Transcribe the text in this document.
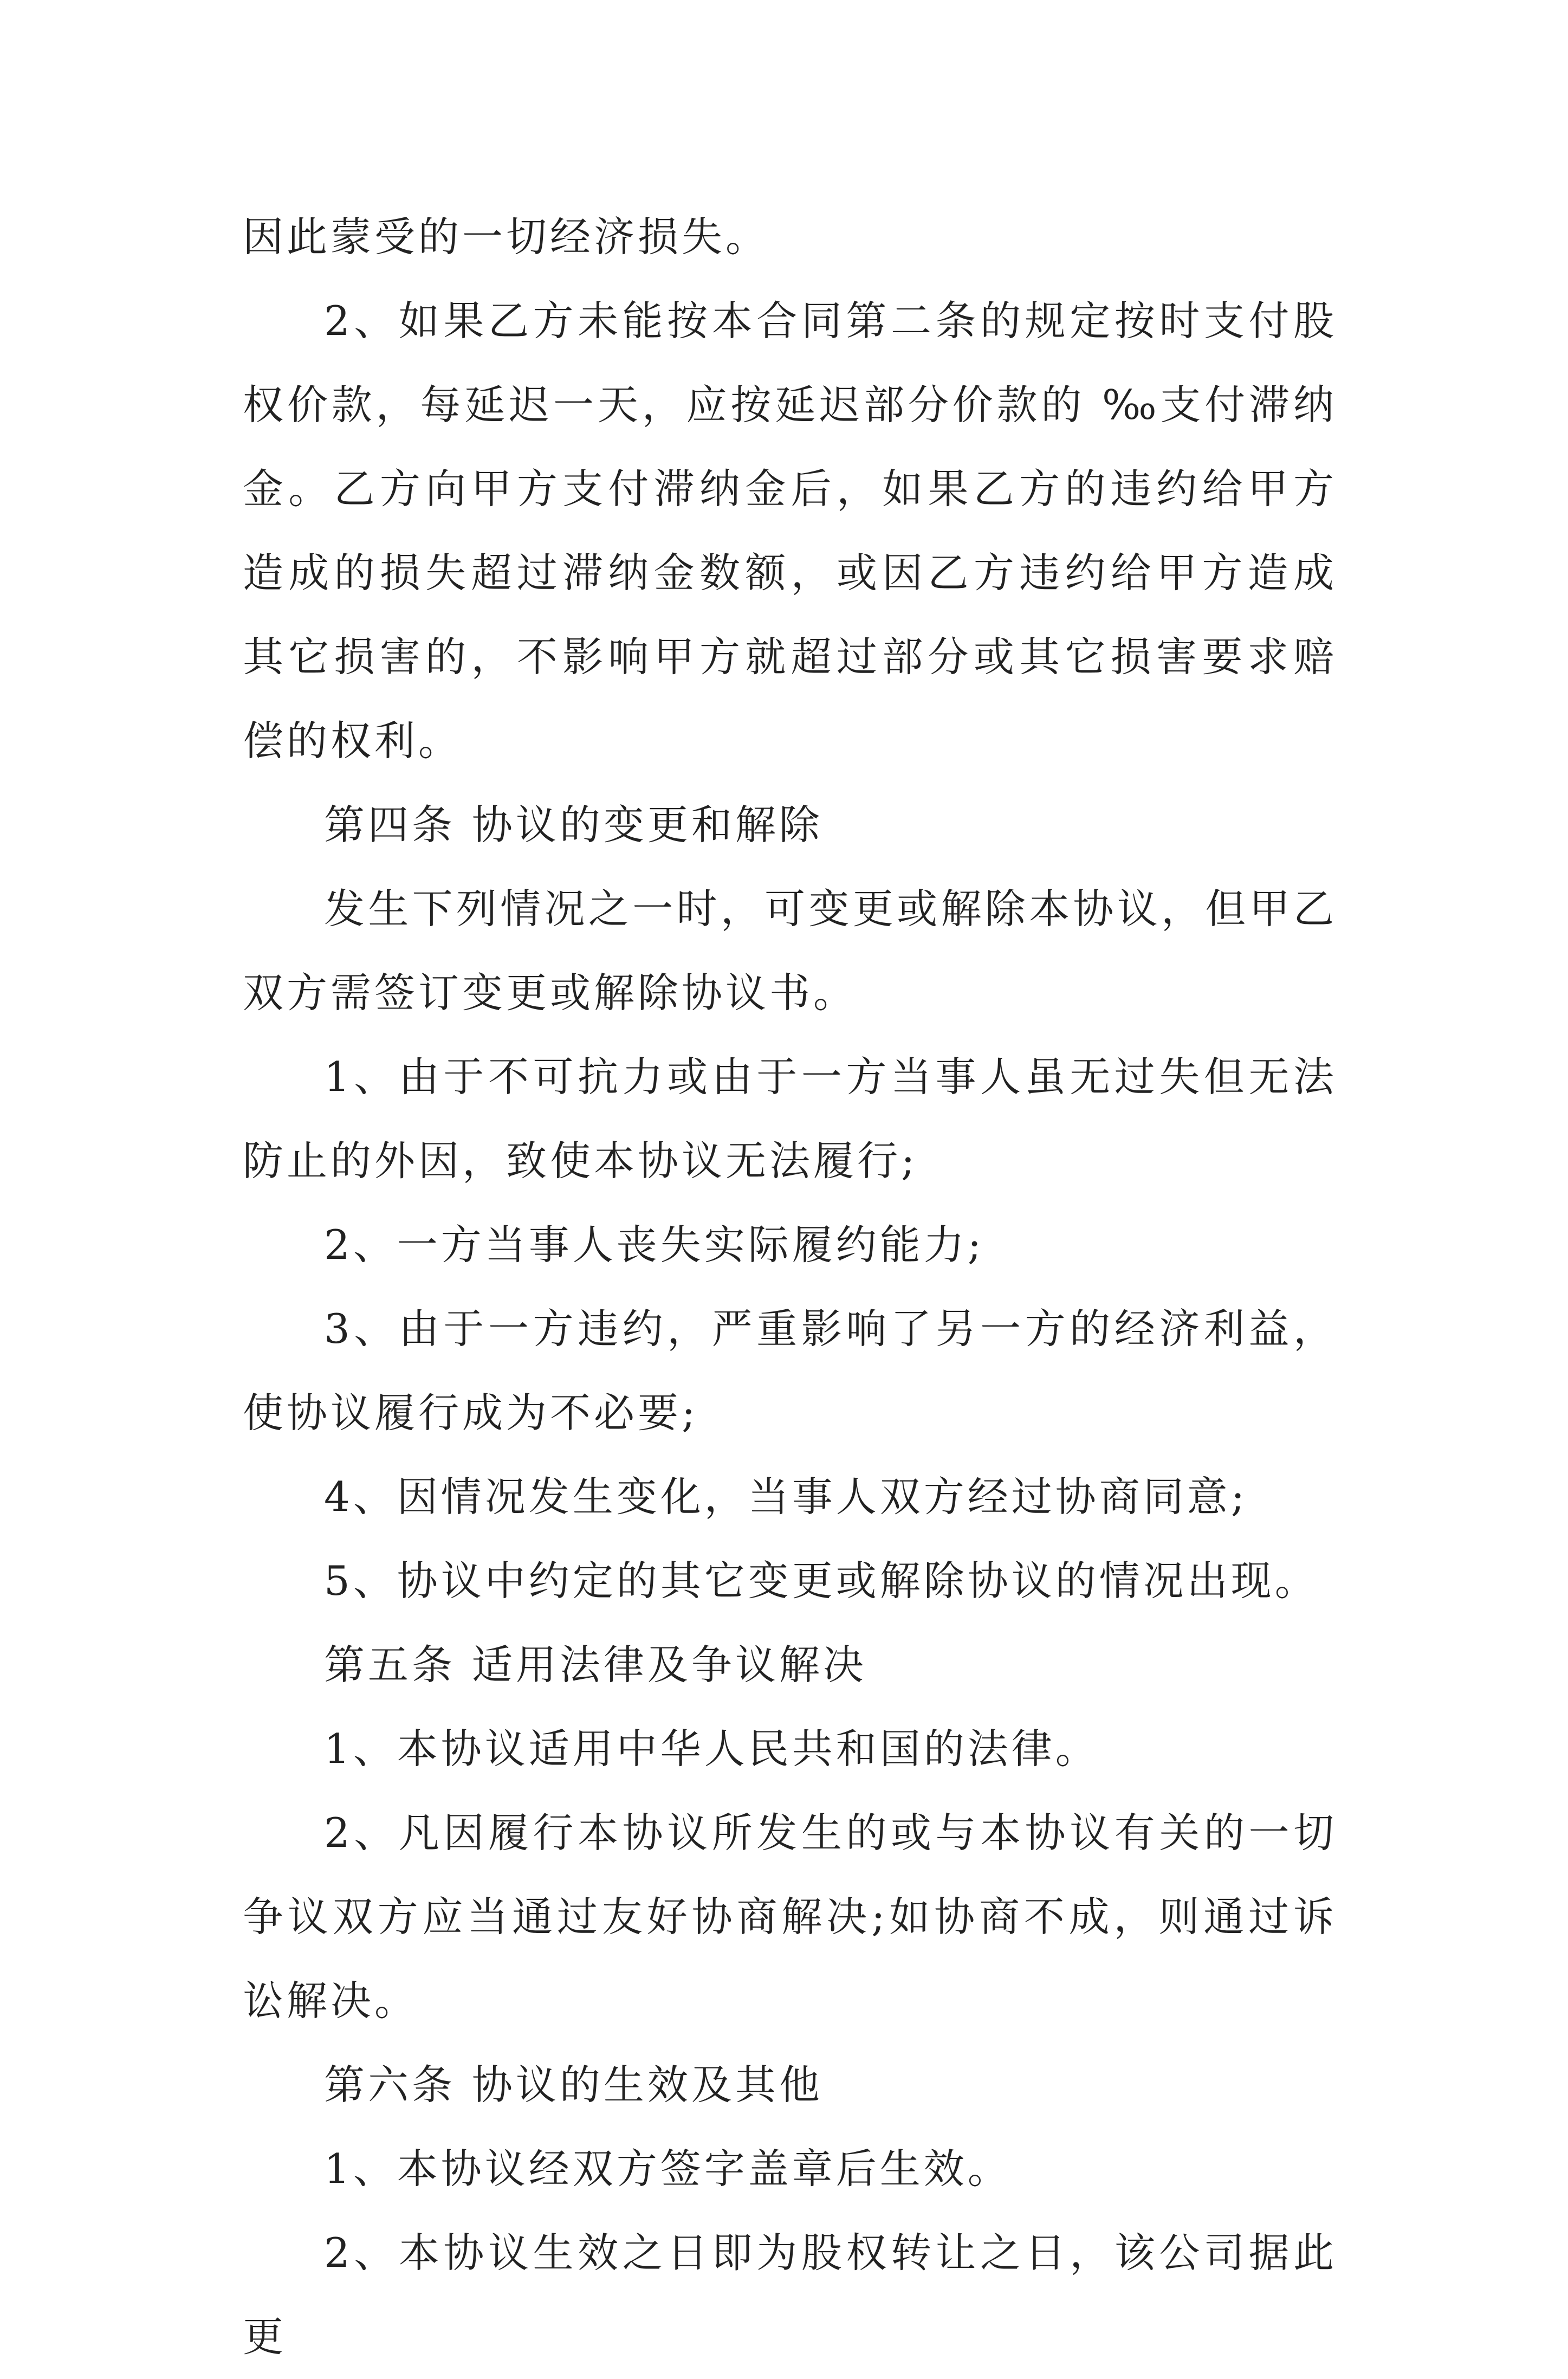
因此蒙受的一切经济损失。

2、如果乙方未能按本合同第二条的规定按时支付股权价款，每延迟一天，应按延迟部分价款的 ‰支付滞纳金。乙方向甲方支付滞纳金后，如果乙方的违约给甲方造成的损失超过滞纳金数额，或因乙方违约给甲方造成其它损害的，不影响甲方就超过部分或其它损害要求赔偿的权利。

第四条 协议的变更和解除

发生下列情况之一时，可变更或解除本协议，但甲乙双方需签订变更或解除协议书。

1、由于不可抗力或由于一方当事人虽无过失但无法防止的外因，致使本协议无法履行;

2、一方当事人丧失实际履约能力;

3、由于一方违约，严重影响了另一方的经济利益，使协议履行成为不必要;

4、因情况发生变化，当事人双方经过协商同意;

5、协议中约定的其它变更或解除协议的情况出现。

第五条 适用法律及争议解决

1、本协议适用中华人民共和国的法律。

2、凡因履行本协议所发生的或与本协议有关的一切争议双方应当通过友好协商解决;如协商不成，则通过诉讼解决。

第六条 协议的生效及其他

1、本协议经双方签字盖章后生效。

2、本协议生效之日即为股权转让之日，该公司据此更
